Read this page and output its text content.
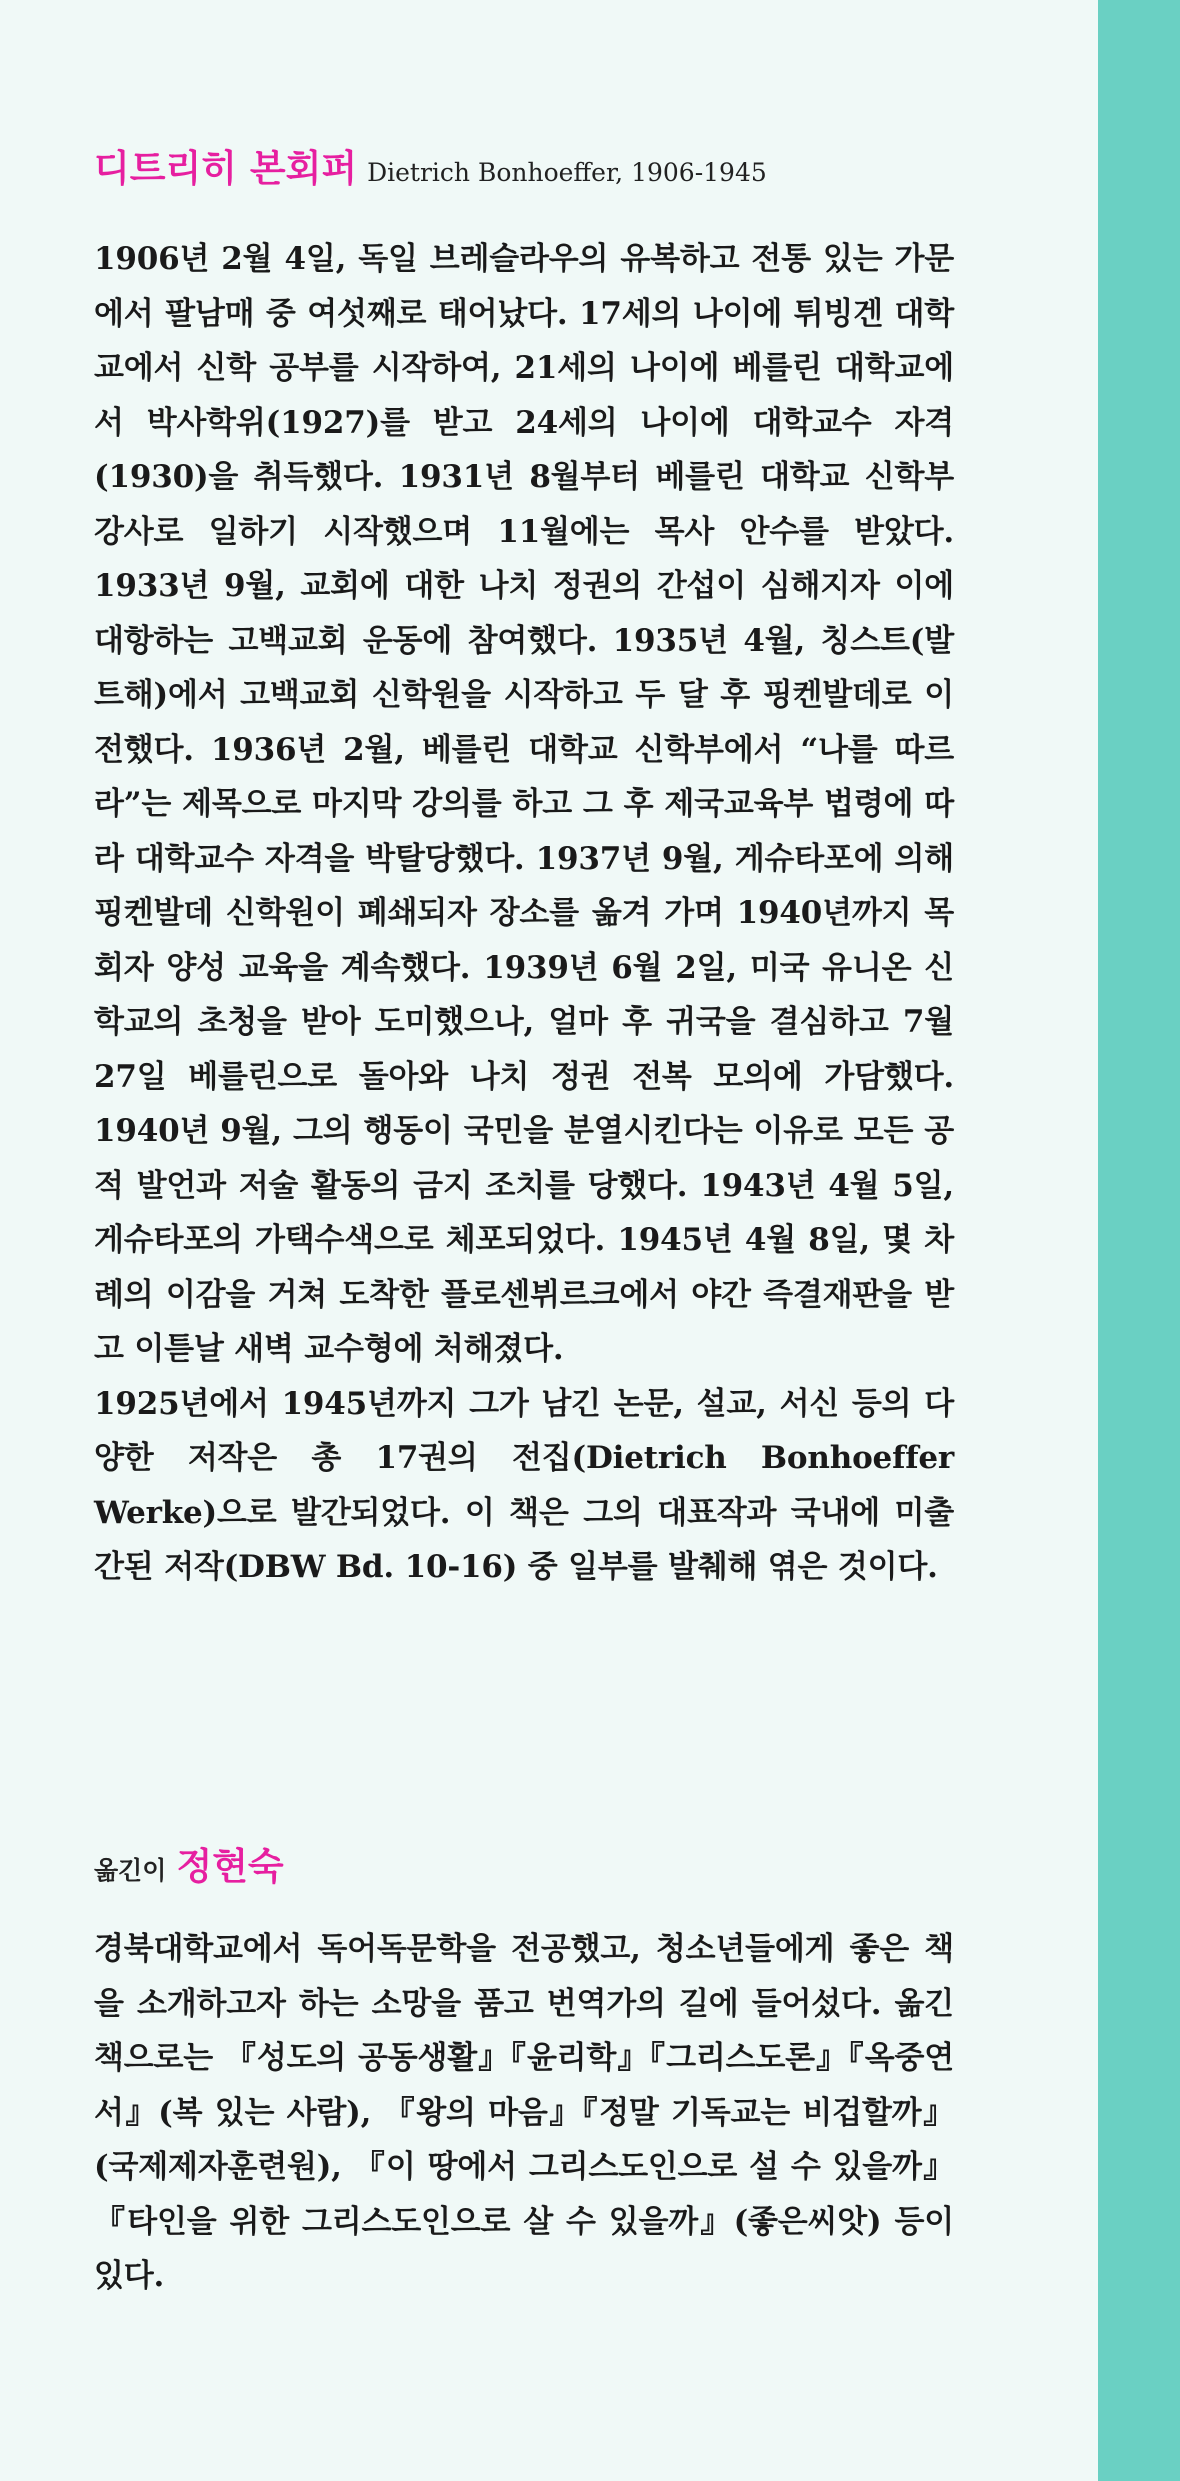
디트리히 본회퍼 Dietrich Bonhoeffer, 1906-1945

1906년 2월 4일, 독일 브레슬라우의 유복하고 전통 있는 가문에서 팔남매 중 여섯째로 태어났다. 17세의 나이에 튀빙겐 대학교에서 신학 공부를 시작하여, 21세의 나이에 베를린 대학교에서 박사학위(1927)를 받고 24세의 나이에 대학교수 자격(1930)을 취득했다. 1931년 8월부터 베를린 대학교 신학부 강사로 일하기 시작했으며 11월에는 목사 안수를 받았다. 1933년 9월, 교회에 대한 나치 정권의 간섭이 심해지자 이에 대항하는 고백교회 운동에 참여했다. 1935년 4월, 칭스트(발트해)에서 고백교회 신학원을 시작하고 두 달 후 핑켄발데로 이전했다. 1936년 2월, 베를린 대학교 신학부에서 “나를 따르라”는 제목으로 마지막 강의를 하고 그 후 제국교육부 법령에 따라 대학교수 자격을 박탈당했다. 1937년 9월, 게슈타포에 의해 핑켄발데 신학원이 폐쇄되자 장소를 옮겨 가며 1940년까지 목회자 양성 교육을 계속했다. 1939년 6월 2일, 미국 유니온 신학교의 초청을 받아 도미했으나, 얼마 후 귀국을 결심하고 7월 27일 베를린으로 돌아와 나치 정권 전복 모의에 가담했다. 1940년 9월, 그의 행동이 국민을 분열시킨다는 이유로 모든 공적 발언과 저술 활동의 금지 조치를 당했다. 1943년 4월 5일, 게슈타포의 가택수색으로 체포되었다. 1945년 4월 8일, 몇 차례의 이감을 거쳐 도착한 플로센뷔르크에서 야간 즉결재판을 받고 이튿날 새벽 교수형에 처해졌다.

1925년에서 1945년까지 그가 남긴 논문, 설교, 서신 등의 다양한 저작은 총 17권의 전집(Dietrich Bonhoeffer Werke)으로 발간되었다. 이 책은 그의 대표작과 국내에 미출간된 저작(DBW Bd. 10-16) 중 일부를 발췌해 엮은 것이다.

옮긴이 정현숙

경북대학교에서 독어독문학을 전공했고, 청소년들에게 좋은 책을 소개하고자 하는 소망을 품고 번역가의 길에 들어섰다. 옮긴 책으로는 『성도의 공동생활』『윤리학』『그리스도론』『옥중연서』(복 있는 사람), 『왕의 마음』『정말 기독교는 비겁할까』(국제제자훈련원), 『이 땅에서 그리스도인으로 설 수 있을까』『타인을 위한 그리스도인으로 살 수 있을까』(좋은씨앗) 등이 있다.
